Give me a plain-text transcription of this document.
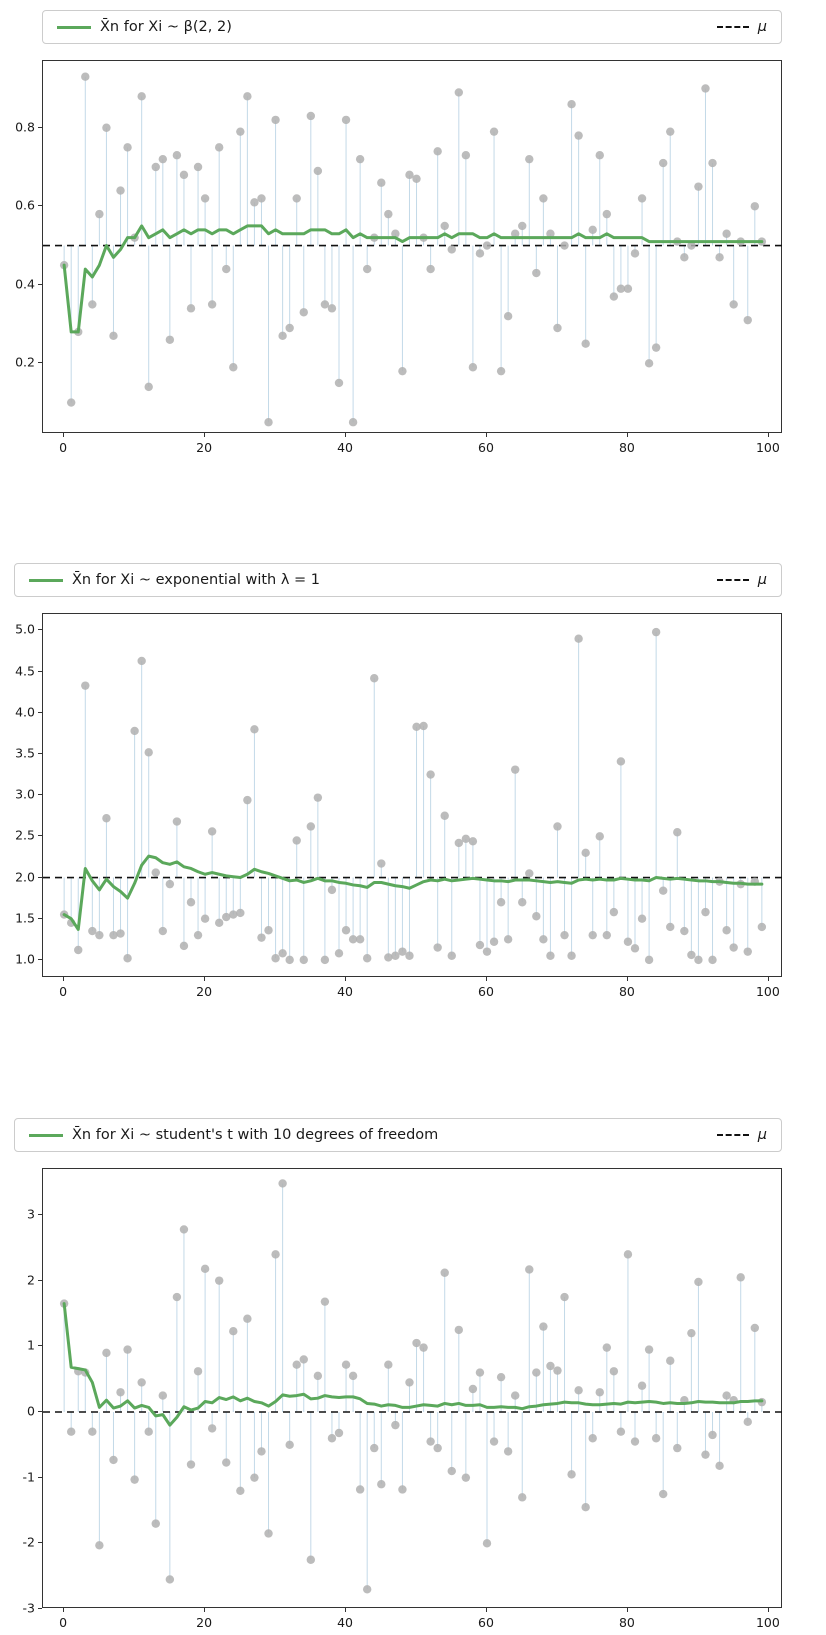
X̄n for Xi ~ β(2, 2)	μ
0.2
0.4
0.6
0.8
0	20	40	60	80	100
X̄n for Xi ~ exponential with λ = 1	μ
1.0
1.5
2.0
2.5
3.0
3.5
4.0
4.5
5.0
0	20	40	60	80	100
X̄n for Xi ~ student's t with 10 degrees of freedom	μ
-3
-2
-1
0
1
2
3
0	20	40	60	80	100
